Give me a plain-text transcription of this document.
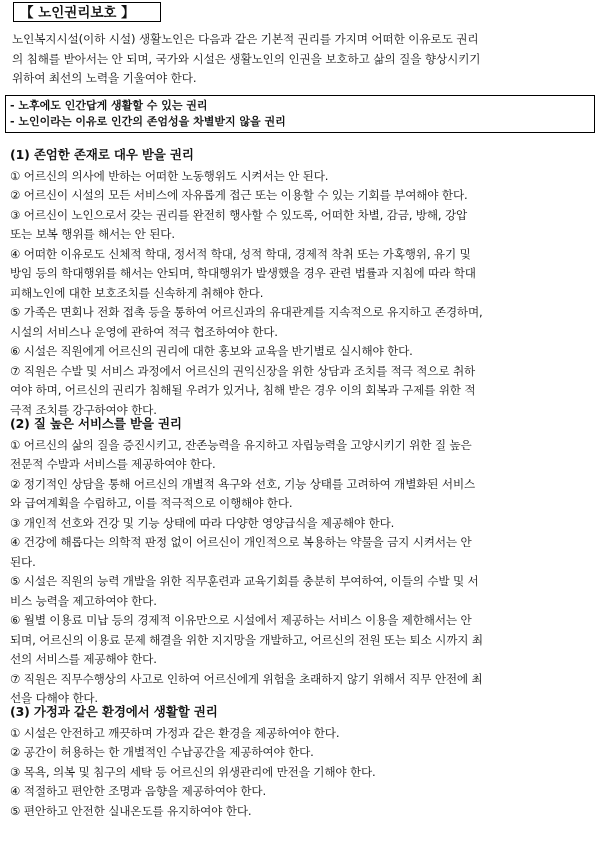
【 노인권리보호 】

노인복지시설(이하 시설) 생활노인은 다음과 같은 기본적 권리를 가지며 어떠한 이유로도 권리

의 침해를 받아서는 안 되며, 국가와 시설은 생활노인의 인권을 보호하고 삶의 질을 향상시키기

위하여 최선의 노력을 기울여야 한다.

- 노후에도 인간답게 생활할 수 있는 권리
- 노인이라는 이유로 인간의 존엄성을 차별받지 않을 권리
(1) 존엄한 존재로 대우 받을 권리

① 어르신의 의사에 반하는 어떠한 노동행위도 시켜서는 안 된다.

② 어르신이 시설의 모든 서비스에 자유롭게 접근 또는 이용할 수 있는 기회를 부여해야 한다.

③ 어르신이 노인으로서 갖는 권리를 완전히 행사할 수 있도록, 어떠한 차별, 감금, 방해, 강압

또는 보복 행위를 해서는 안 된다.

④ 어떠한 이유로도 신체적 학대, 정서적 학대, 성적 학대, 경제적 착취 또는 가혹행위, 유기 및

방임 등의 학대행위를 해서는 안되며, 학대행위가 발생했을 경우 관련 법률과 지침에 따라 학대

피해노인에 대한 보호조치를 신속하게 취해야 한다.

⑤ 가족은 면회나 전화 접촉 등을 통하여 어르신과의 유대관계를 지속적으로 유지하고 존경하며,

시설의 서비스나 운영에 관하여 적극 협조하여야 한다.

⑥ 시설은 직원에게 어르신의 권리에 대한 홍보와 교육을 반기별로 실시해야 한다.

⑦ 직원은 수발 및 서비스 과정에서 어르신의 권익신장을 위한 상담과 조치를 적극 적으로 취하

여야 하며, 어르신의 권리가 침해될 우려가 있거나, 침해 받은 경우 이의 회복과 구제를 위한 적

극적 조치를 강구하여야 한다.

(2) 질 높은 서비스를 받을 권리

① 어르신의 삶의 질을 증진시키고, 잔존능력을 유지하고 자립능력을 고양시키기 위한 질 높은

전문적 수발과 서비스를 제공하여야 한다.

② 정기적인 상담을 통해 어르신의 개별적 욕구와 선호, 기능 상태를 고려하여 개별화된 서비스

와 급여계획을 수립하고, 이를 적극적으로 이행해야 한다.

③ 개인적 선호와 건강 및 기능 상태에 따라 다양한 영양급식을 제공해야 한다.

④ 건강에 해롭다는 의학적 판정 없이 어르신이 개인적으로 복용하는 약물을 금지 시켜서는 안

된다.

⑤ 시설은 직원의 능력 개발을 위한 직무훈련과 교육기회를 충분히 부여하여, 이들의 수발 및 서

비스 능력을 제고하여야 한다.

⑥ 월별 이용료 미납 등의 경제적 이유만으로 시설에서 제공하는 서비스 이용을 제한해서는 안

되며, 어르신의 이용료 문제 해결을 위한 지지망을 개발하고, 어르신의 전원 또는 퇴소 시까지 최

선의 서비스를 제공해야 한다.

⑦ 직원은 직무수행상의 사고로 인하여 어르신에게 위험을 초래하지 않기 위해서 직무 안전에 최

선을 다해야 한다.

(3) 가정과 같은 환경에서 생활할 권리

① 시설은 안전하고 깨끗하며 가정과 같은 환경을 제공하여야 한다.

② 공간이 허용하는 한 개별적인 수납공간을 제공하여야 한다.

③ 목욕, 의복 및 침구의 세탁 등 어르신의 위생관리에 만전을 기해야 한다.

④ 적절하고 편안한 조명과 음향을 제공하여야 한다.

⑤ 편안하고 안전한 실내온도를 유지하여야 한다.
